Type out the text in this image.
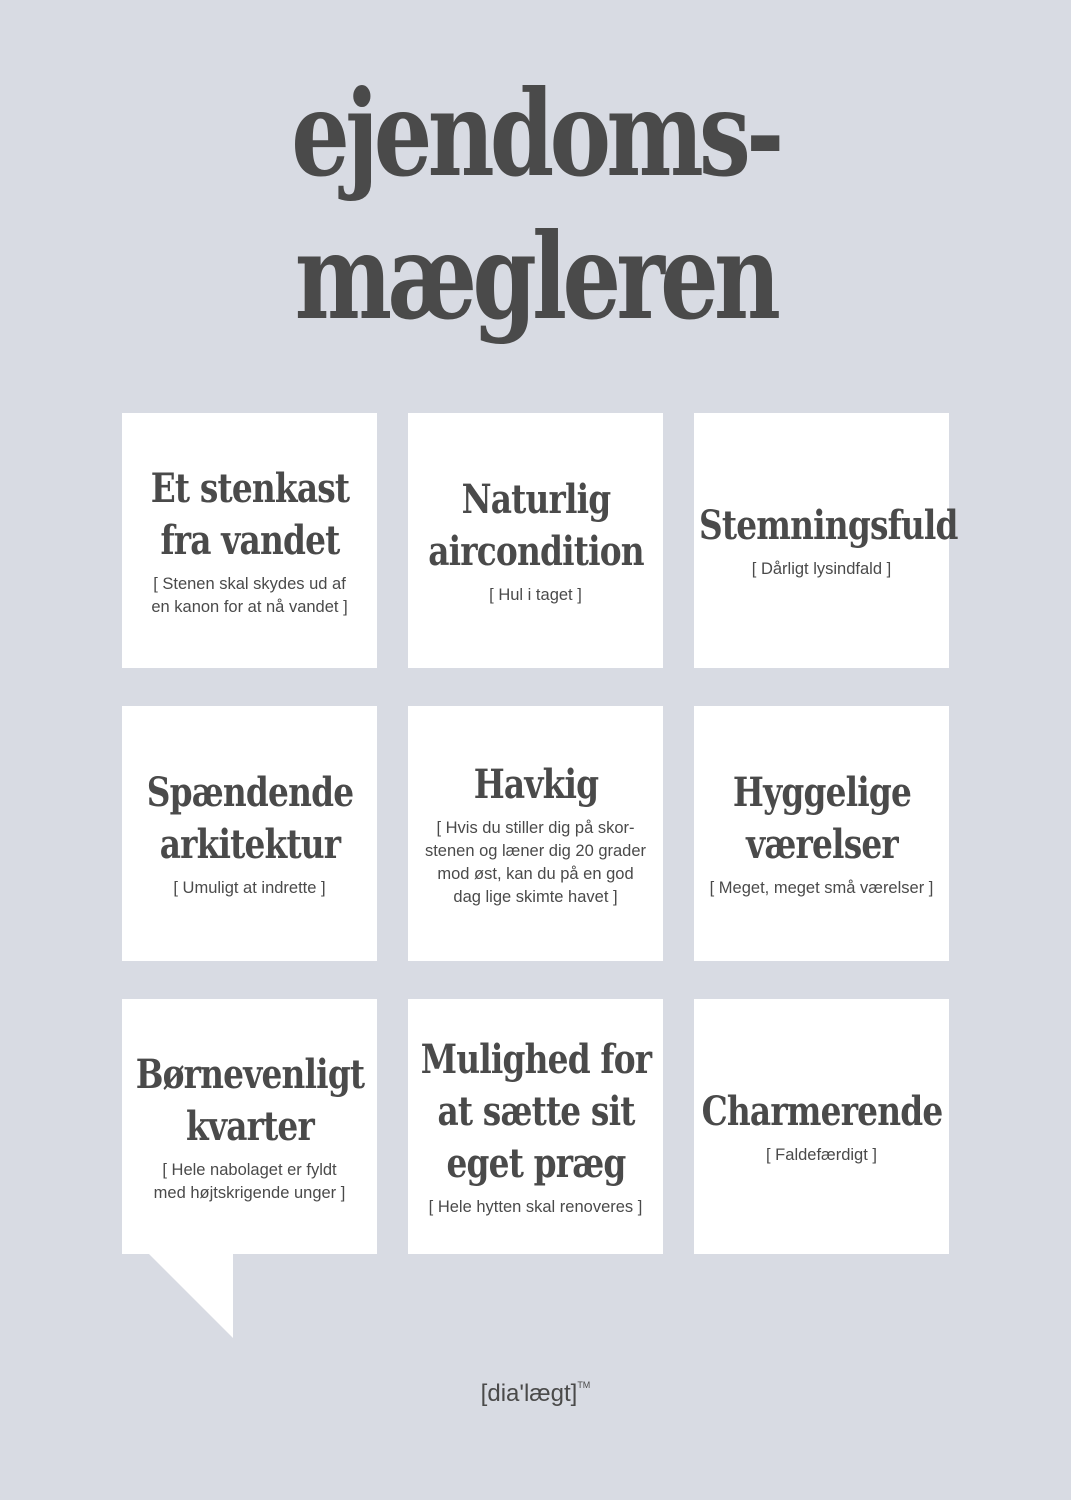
ejendoms-
mægleren
Et stenkast
fra vandet
[ Stenen skal skydes ud af
en kanon for at nå vandet ]
Naturlig
aircondition
[ Hul i taget ]
Stemningsfuld
[ Dårligt lysindfald ]
Spændende
arkitektur
[ Umuligt at indrette ]
Havkig
[ Hvis du stiller dig på skor-
stenen og læner dig 20 grader
mod øst, kan du på en god
dag lige skimte havet ]
Hyggelige
værelser
[ Meget, meget små værelser ]
Børnevenligt
kvarter
[ Hele nabolaget er fyldt
med højtskrigende unger ]
Mulighed for
at sætte sit
eget præg
[ Hele hytten skal renoveres ]
Charmerende
[ Faldefærdigt ]
[dia'lægt]™
